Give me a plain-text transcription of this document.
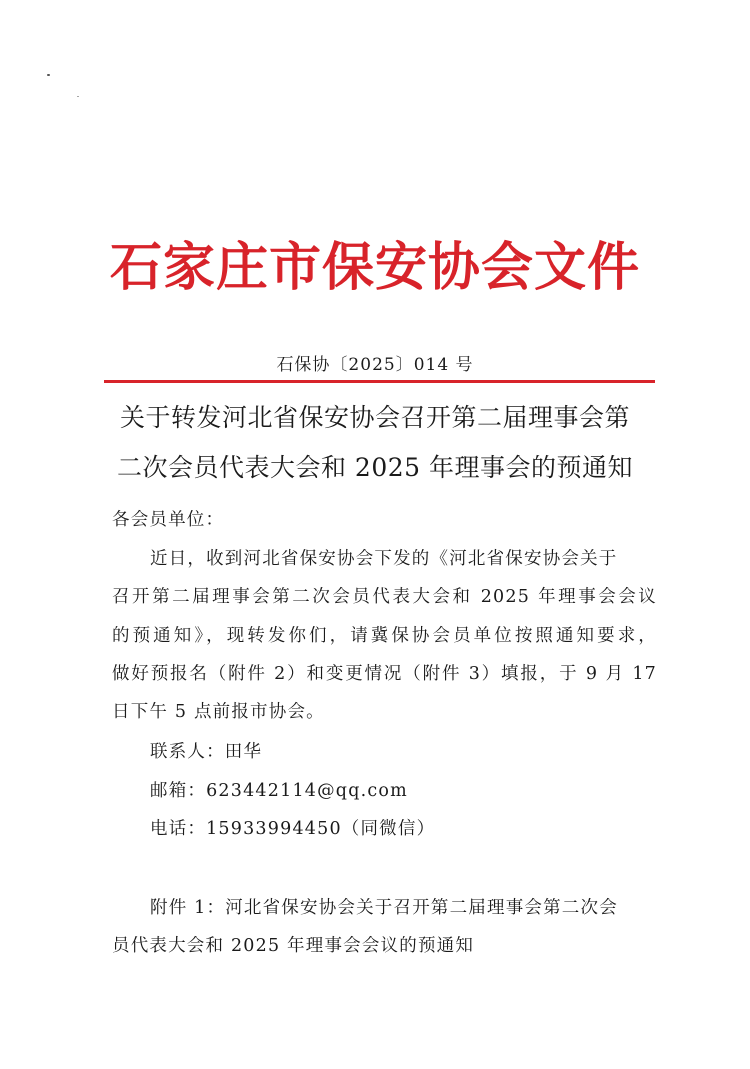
石家庄市保安协会文件
石保协〔2025〕014 号
关于转发河北省保安协会召开第二届理事会第
二次会员代表大会和 2025 年理事会的预通知
各会员单位：
近日，收到河北省保安协会下发的《河北省保安协会关于
召开第二届理事会第二次会员代表大会和 2025 年理事会会议
的预通知》，现转发你们，请冀保协会员单位按照通知要求，
做好预报名（附件 2）和变更情况（附件 3）填报，于 9 月 17
日下午 5 点前报市协会。
联系人：田华
邮箱：623442114@qq.com
电话：15933994450（同微信）
附件 1：河北省保安协会关于召开第二届理事会第二次会
员代表大会和 2025 年理事会会议的预通知
